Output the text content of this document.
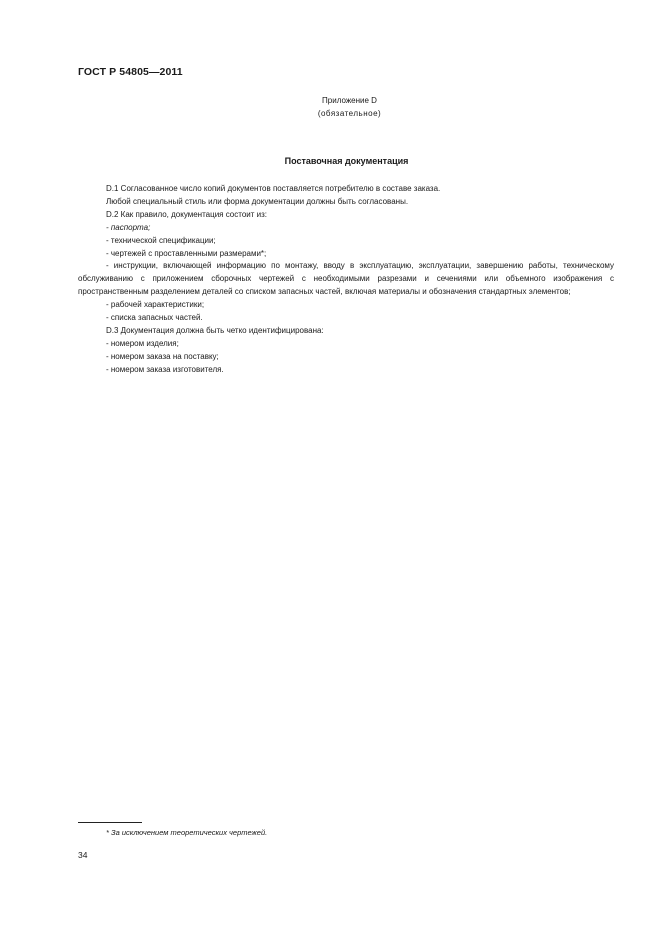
ГОСТ Р 54805—2011
Приложение D
(обязательное)
Поставочная документация

D.1 Согласованное число копий документов поставляется потребителю в составе заказа.

Любой специальный стиль или форма документации должны быть согласованы.

D.2 Как правило, документация состоит из:

- паспорта;

- технической спецификации;

- чертежей с проставленными размерами*;

- инструкции, включающей информацию по монтажу, вводу в эксплуатацию, эксплуатации, завершению работы, техническому обслуживанию с приложением сборочных чертежей с необходимыми разрезами и сечениями или объемного изображения с пространственным разделением деталей со списком запасных частей, включая материалы и обозначения стандартных элементов;

- рабочей характеристики;

- списка запасных частей.

D.3 Документация должна быть четко идентифицирована:

- номером изделия;

- номером заказа на поставку;

- номером заказа изготовителя.

* За исключением теоретических чертежей.
34
